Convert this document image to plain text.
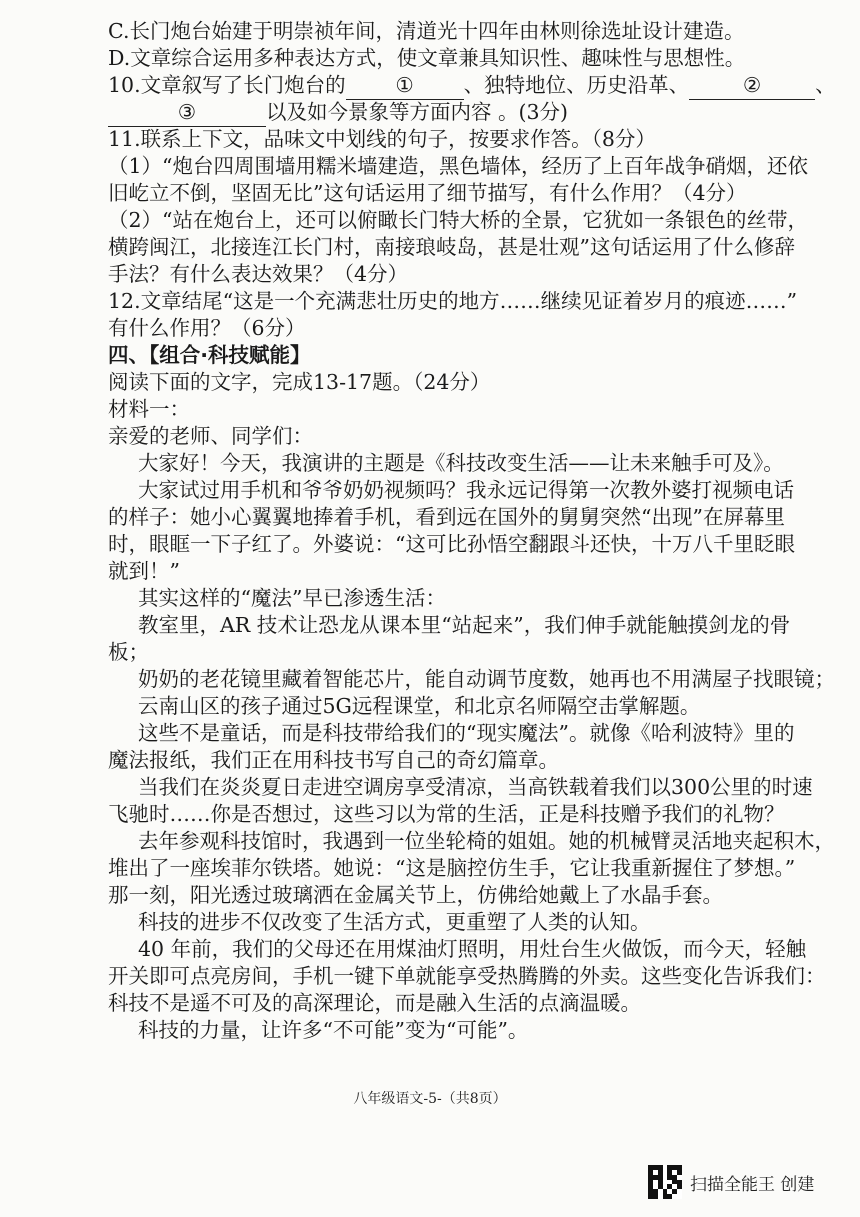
C.长门炮台始建于明崇祯年间，清道光十四年由林则徐选址设计建造。
D.文章综合运用多种表达方式，使文章兼具知识性、趣味性与思想性。
10.文章叙写了长门炮台的 ① 、独特地位、历史沿革、	②	、
③	以及如今景象等方面内容 。(3分)
11.联系上下文，品味文中划线的句子，按要求作答。（8分）
（1）“炮台四周围墙用糯米墙建造，黑色墙体，经历了上百年战争硝烟，还依
旧屹立不倒，坚固无比”这句话运用了细节描写，有什么作用？（4分）
（2）“站在炮台上，还可以俯瞰长门特大桥的全景，它犹如一条银色的丝带，
横跨闽江，北接连江长门村，南接琅岐岛，甚是壮观”这句话运用了什么修辞
手法？有什么表达效果？（4分）
12.文章结尾“这是一个充满悲壮历史的地方……继续见证着岁月的痕迹……”
有什么作用？（6分）
四、【组合·科技赋能】
阅读下面的文字，完成13-17题。（24分）
材料一：
亲爱的老师、同学们：
大家好！今天，我演讲的主题是《科技改变生活——让未来触手可及》。
大家试过用手机和爷爷奶奶视频吗？我永远记得第一次教外婆打视频电话
的样子：她小心翼翼地捧着手机，看到远在国外的舅舅突然“出现”在屏幕里
时，眼眶一下子红了。外婆说：“这可比孙悟空翻跟斗还快，十万八千里眨眼
就到！”
其实这样的“魔法”早已渗透生活：
教室里，AR 技术让恐龙从课本里“站起来”，我们伸手就能触摸剑龙的骨
板；
奶奶的老花镜里藏着智能芯片，能自动调节度数，她再也不用满屋子找眼镜；
云南山区的孩子通过5G远程课堂，和北京名师隔空击掌解题。
这些不是童话，而是科技带给我们的“现实魔法”。就像《哈利波特》里的
魔法报纸，我们正在用科技书写自己的奇幻篇章。
当我们在炎炎夏日走进空调房享受清凉，当高铁载着我们以300公里的时速
飞驰时……你是否想过，这些习以为常的生活，正是科技赠予我们的礼物？
去年参观科技馆时，我遇到一位坐轮椅的姐姐。她的机械臂灵活地夹起积木，
堆出了一座埃菲尔铁塔。她说：“这是脑控仿生手，它让我重新握住了梦想。”
那一刻，阳光透过玻璃洒在金属关节上，仿佛给她戴上了水晶手套。
科技的进步不仅改变了生活方式，更重塑了人类的认知。
40 年前，我们的父母还在用煤油灯照明，用灶台生火做饭，而今天，轻触
开关即可点亮房间，手机一键下单就能享受热腾腾的外卖。这些变化告诉我们：
科技不是遥不可及的高深理论，而是融入生活的点滴温暖。
科技的力量，让许多“不可能”变为“可能”。
八年级语文-5-（共8页）
扫描全能王 创建
